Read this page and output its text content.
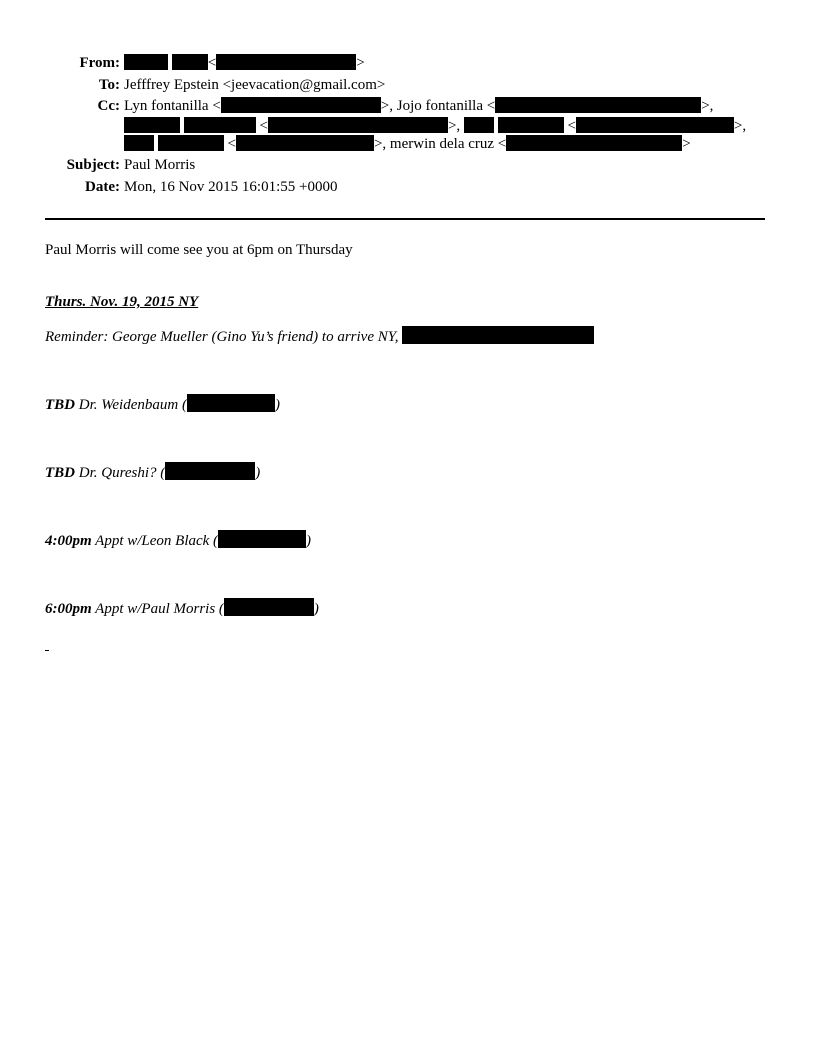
From:	<	>
To: Jefffrey Epstein <jeevacation@gmail.com>
Cc: Lyn fontanilla <	>, Jojo fontanilla <	>,
<	>,	<	>,
<	>, merwin dela cruz <	>
Subject: Paul Morris
Date: Mon, 16 Nov 2015 16:01:55 +0000
Paul Morris will come see you at 6pm on Thursday
Thurs. Nov. 19, 2015 NY
Reminder: George Mueller (Gino Yu’s friend) to arrive NY,
TBD Dr. Weidenbaum (	)
TBD Dr. Qureshi? (	)
4:00pm Appt w/Leon Black (	)
6:00pm Appt w/Paul Morris (	)
